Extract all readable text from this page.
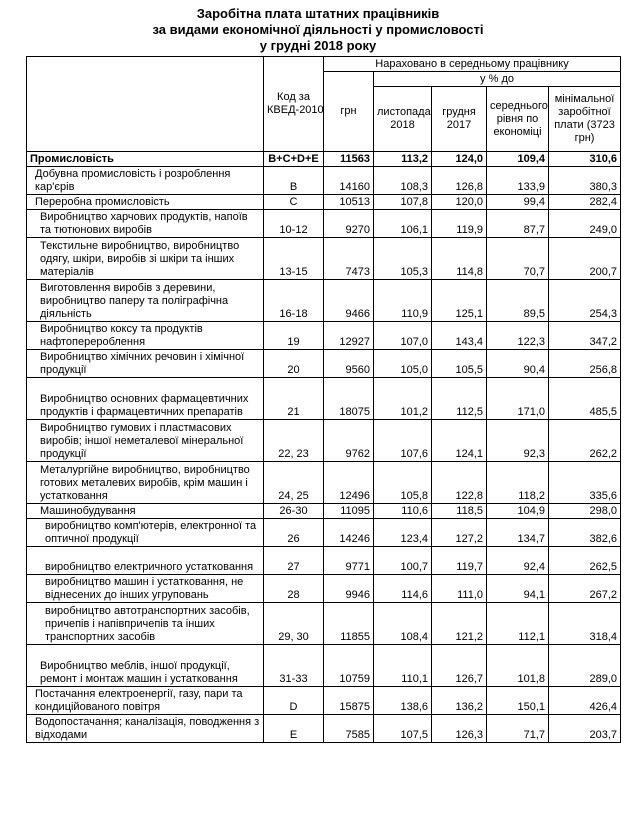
Заробітна плата штатних працівників
за видами економічної діяльності у промисловості
у грудні 2018 року
	Код за КВЕД-2010	Нараховано в середньому працівнику				
		грн	у % до			
			листопада 2018	грудня 2017	середнього рівня по економіці	мінімальної заробітної плати (3723 грн)
Промисловість	B+C+D+E	11563	113,2	124,0	109,4	310,6
Добувна промисловість і розроблення кар'єрів	B	14160	108,3	126,8	133,9	380,3
Переробна промисловість	C	10513	107,8	120,0	99,4	282,4
Виробництво харчових продуктів, напоїв та тютюнових виробів	10-12	9270	106,1	119,9	87,7	249,0
Текстильне виробництво, виробництво одягу, шкіри, виробів зі шкіри та інших матеріалів	13-15	7473	105,3	114,8	70,7	200,7
Виготовлення виробів з деревини, виробництво паперу та поліграфічна діяльність	16-18	9466	110,9	125,1	89,5	254,3
Виробництво коксу та продуктів нафтоперероблення	19	12927	107,0	143,4	122,3	347,2
Виробництво хімічних речовин і хімічної продукції	20	9560	105,0	105,5	90,4	256,8
Виробництво основних фармацевтичних продуктів і фармацевтичних препаратів	21	18075	101,2	112,5	171,0	485,5
Виробництво гумових і пластмасових виробів; іншої неметалевої мінеральної продукції	22, 23	9762	107,6	124,1	92,3	262,2
Металургійне виробництво, виробництво готових металевих виробів, крім машин і устатковання	24, 25	12496	105,8	122,8	118,2	335,6
Машинобудування	26-30	11095	110,6	118,5	104,9	298,0
виробництво комп'ютерів, електронної та оптичної продукції	26	14246	123,4	127,2	134,7	382,6
виробництво електричного устатковання	27	9771	100,7	119,7	92,4	262,5
виробництво машин і устатковання, не віднесених до інших угруповань	28	9946	114,6	111,0	94,1	267,2
виробництво автотранспортних засобів, причепів і напівпричепів та інших транспортних засобів	29, 30	11855	108,4	121,2	112,1	318,4
Виробництво меблів, іншої продукції, ремонт і монтаж машин і устатковання	31-33	10759	110,1	126,7	101,8	289,0
Постачання електроенергії, газу, пари та кондиційованого повітря	D	15875	138,6	136,2	150,1	426,4
Водопостачання; каналізація, поводження з відходами	E	7585	107,5	126,3	71,7	203,7
